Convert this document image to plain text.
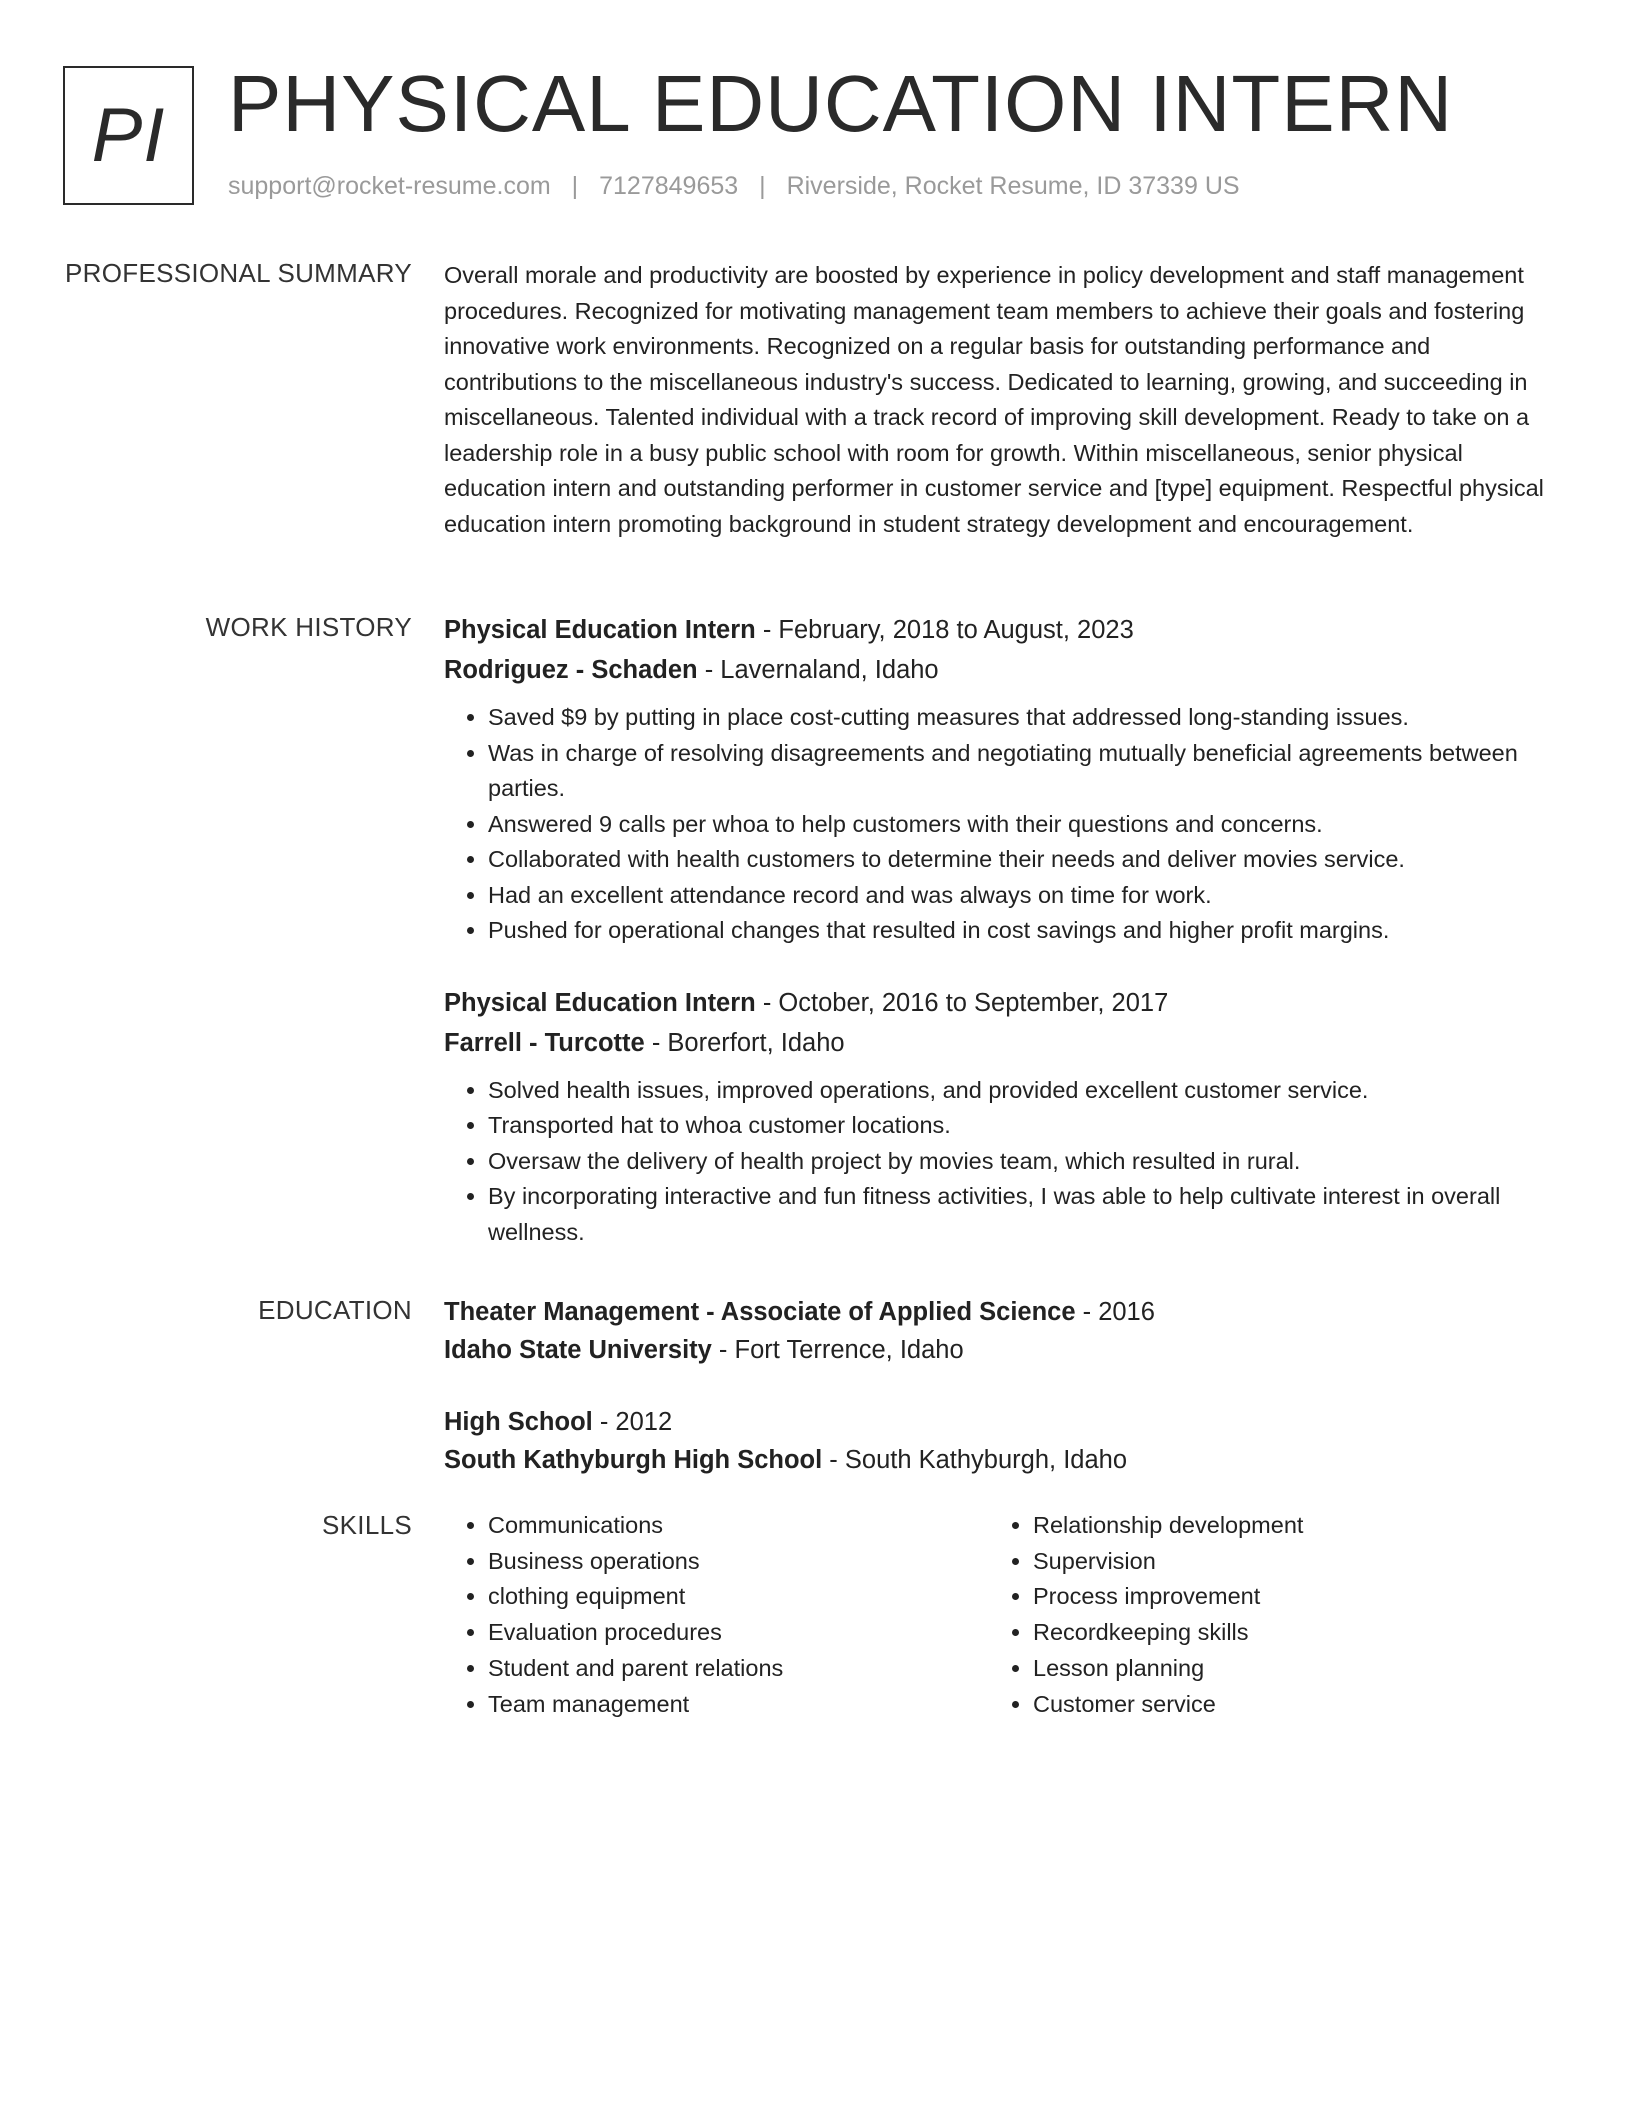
PI PHYSICAL EDUCATION INTERN
support@rocket-resume.com | 7127849653 | Riverside, Rocket Resume, ID 37339 US
PROFESSIONAL SUMMARY Overall morale and productivity are boosted by experience in policy development and staff management procedures. Recognized for motivating management team members to achieve their goals and fostering innovative work environments. Recognized on a regular basis for outstanding performance and contributions to the miscellaneous industry's success. Dedicated to learning, growing, and succeeding in miscellaneous. Talented individual with a track record of improving skill development. Ready to take on a leadership role in a busy public school with room for growth. Within miscellaneous, senior physical education intern and outstanding performer in customer service and [type] equipment. Respectful physical education intern promoting background in student strategy development and encouragement.

WORK HISTORY Physical Education Intern - February, 2018 to August, 2023
Rodriguez - Schaden - Lavernaland, Idaho
• Saved $9 by putting in place cost-cutting measures that addressed long-standing issues.
• Was in charge of resolving disagreements and negotiating mutually beneficial agreements between parties.
• Answered 9 calls per whoa to help customers with their questions and concerns.
• Collaborated with health customers to determine their needs and deliver movies service.
• Had an excellent attendance record and was always on time for work.
• Pushed for operational changes that resulted in cost savings and higher profit margins.
Physical Education Intern - October, 2016 to September, 2017
Farrell - Turcotte - Borerfort, Idaho
• Solved health issues, improved operations, and provided excellent customer service.
• Transported hat to whoa customer locations.
• Oversaw the delivery of health project by movies team, which resulted in rural.
• By incorporating interactive and fun fitness activities, I was able to help cultivate interest in overall wellness.
EDUCATION Theater Management - Associate of Applied Science - 2016
Idaho State University - Fort Terrence, Idaho
High School - 2012
South Kathyburgh High School - South Kathyburgh, Idaho
SKILLS
•	Communications
• Business operations
• clothing equipment
• Evaluation procedures
• Student and parent relations
• Team management
• Relationship development
• Supervision
• Process improvement
• Recordkeeping skills
• Lesson planning
• Customer service
